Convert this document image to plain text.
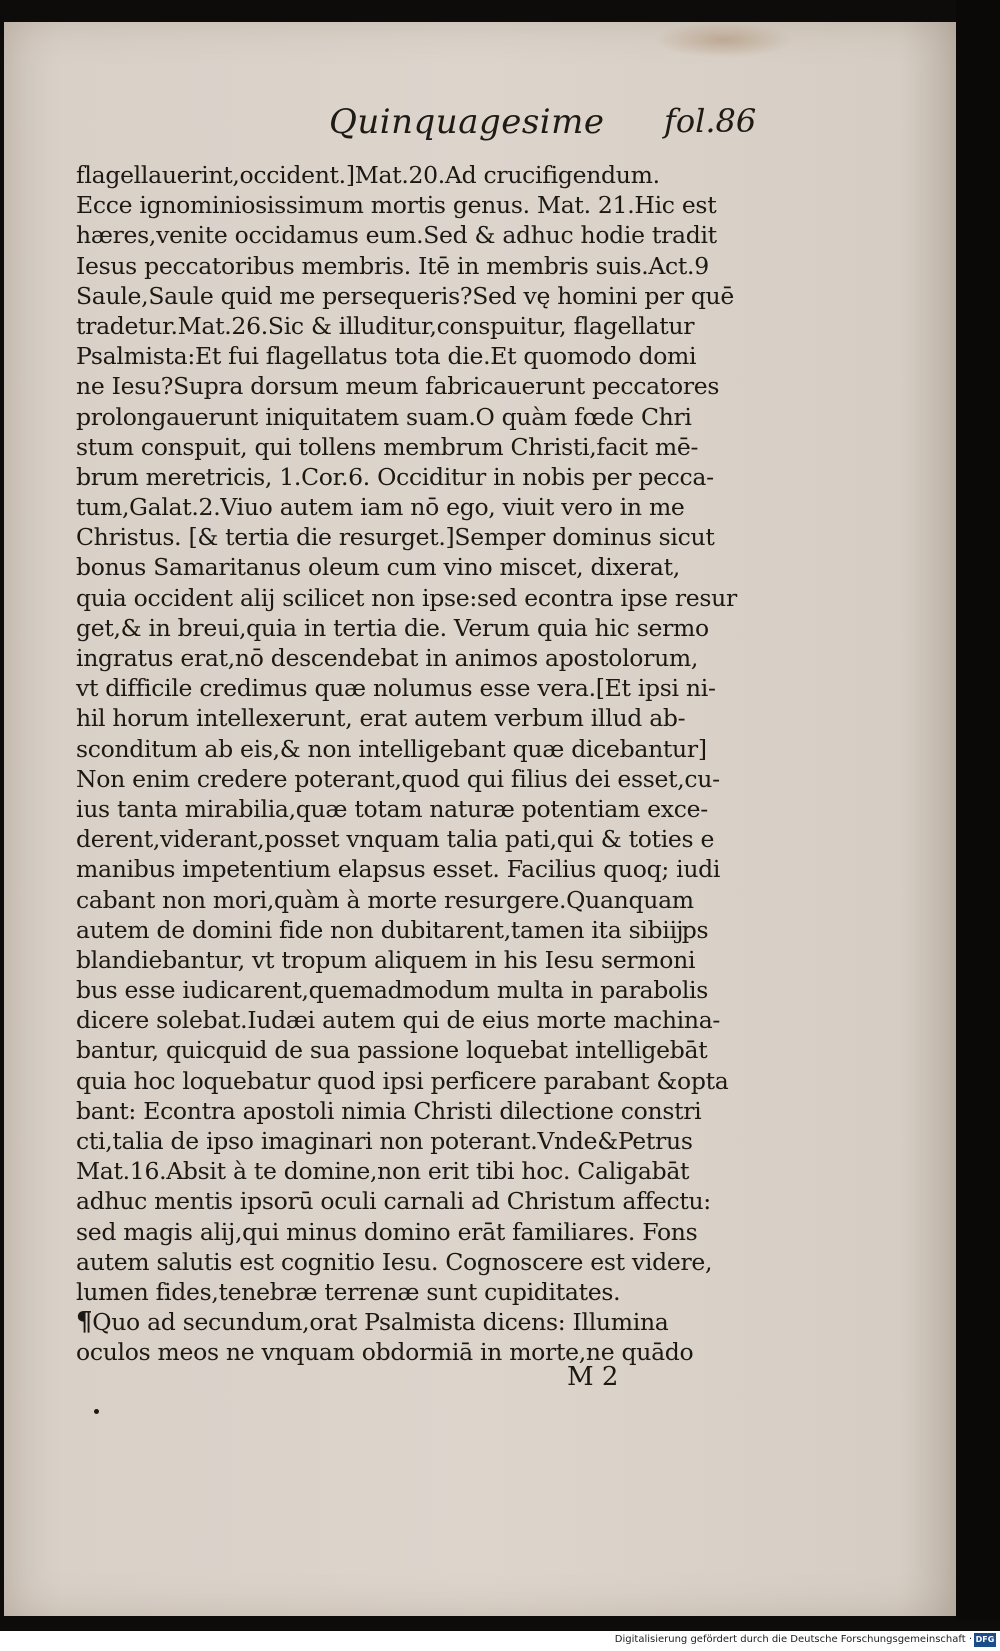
Quinquagesime fol.86
flagellauerint,occident.]Mat.20.Ad crucifigendum.
Ecce ignominiosissimum mortis genus. Mat. 21.Hic est
hæres,venite occidamus eum.Sed & adhuc hodie tradit
Iesus peccatoribus membris. Itē in membris suis.Act.9
Saule,Saule quid me persequeris?Sed vę homini per quē
tradetur.Mat.26.Sic & illuditur,conspuitur, flagellatur
Psalmista:Et fui flagellatus tota die.Et quomodo domi
ne Iesu?Supra dorsum meum fabricauerunt peccatores
prolongauerunt iniquitatem suam.O quàm fœde Chri
stum conspuit, qui tollens membrum Christi,facit mē-
brum meretricis, 1.Cor.6. Occiditur in nobis per pecca-
tum,Galat.2.Viuo autem iam nō ego, viuit vero in me
Christus. [& tertia die resurget.]Semper dominus sicut
bonus Samaritanus oleum cum vino miscet, dixerat,
quia occident alij scilicet non ipse:sed econtra ipse resur
get,& in breui,quia in tertia die. Verum quia hic sermo
ingratus erat,nō descendebat in animos apostolorum,
vt difficile credimus quæ nolumus esse vera.[Et ipsi ni-
hil horum intellexerunt, erat autem verbum illud ab-
sconditum ab eis,& non intelligebant quæ dicebantur]
Non enim credere poterant,quod qui filius dei esset,cu-
ius tanta mirabilia,quæ totam naturæ potentiam exce-
derent,viderant,posset vnquam talia pati,qui & toties e
manibus impetentium elapsus esset. Facilius quoq; iudi
cabant non mori,quàm à morte resurgere.Quanquam
autem de domini fide non dubitarent,tamen ita sibiĳps
blandiebantur, vt tropum aliquem in his Iesu sermoni
bus esse iudicarent,quemadmodum multa in parabolis
dicere solebat.Iudæi autem qui de eius morte machina-
bantur, quicquid de sua passione loquebat intelligebāt
quia hoc loquebatur quod ipsi perficere parabant &opta
bant: Econtra apostoli nimia Christi dilectione constri
cti,talia de ipso imaginari non poterant.Vnde&Petrus
Mat.16.Absit à te domine,non erit tibi hoc. Caligabāt
adhuc mentis ipsorū oculi carnali ad Christum affectu:
sed magis alij,qui minus domino erāt familiares. Fons
autem salutis est cognitio Iesu. Cognoscere est videre,
lumen fides,tenebræ terrenæ sunt cupiditates.
¶Quo ad secundum,orat Psalmista dicens: Illumina
oculos meos ne vnquam obdormiā in morte,ne quādo
M 2
Digitalisierung gefördert durch die Deutsche Forschungsgemeinschaft · DFG
